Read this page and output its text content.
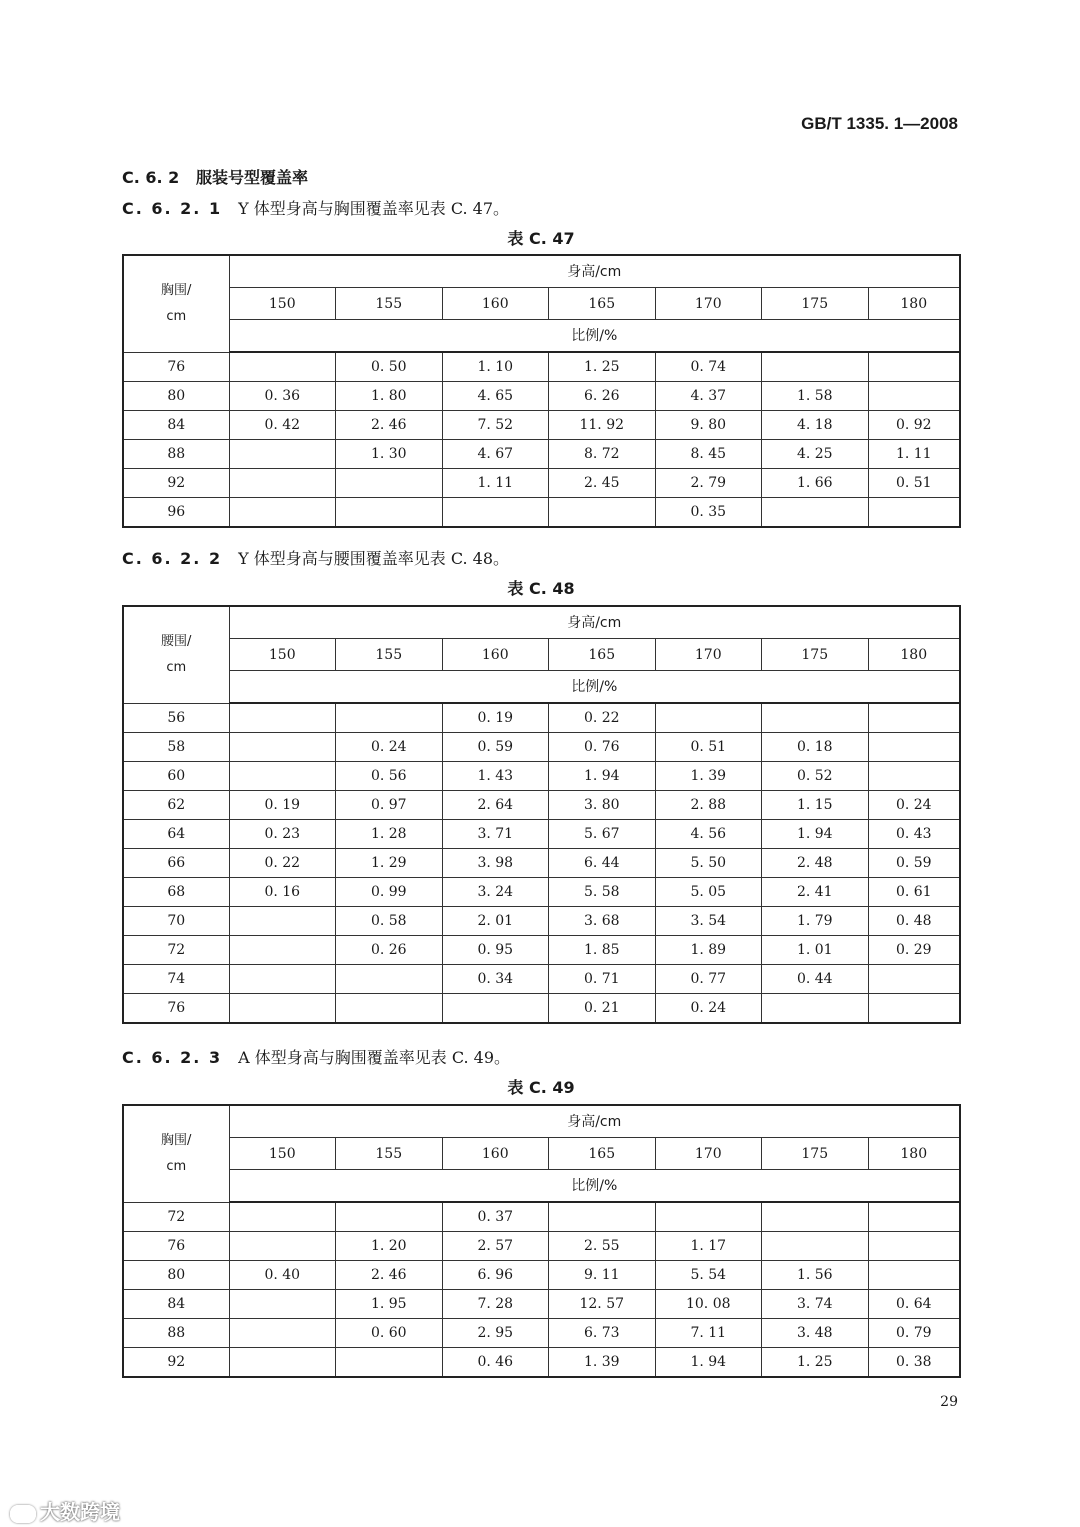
GB/T 1335. 1—2008
C. 6. 2 服装号型覆盖率
C. 6. 2. 1 Y 体型身高与胸围覆盖率见表 C. 47。
表 C. 47
胸围/
cm	身高/cm						
	150	155	160	165	170	175	180
	比例/%						
76		0. 50	1. 10	1. 25	0. 74		
80	0. 36	1. 80	4. 65	6. 26	4. 37	1. 58	
84	0. 42	2. 46	7. 52	11. 92	9. 80	4. 18	0. 92
88		1. 30	4. 67	8. 72	8. 45	4. 25	1. 11
92			1. 11	2. 45	2. 79	1. 66	0. 51
96					0. 35		
C. 6. 2. 2 Y 体型身高与腰围覆盖率见表 C. 48。
表 C. 48
腰围/
cm	身高/cm						
	150	155	160	165	170	175	180
	比例/%						
56			0. 19	0. 22			
58		0. 24	0. 59	0. 76	0. 51	0. 18	
60		0. 56	1. 43	1. 94	1. 39	0. 52	
62	0. 19	0. 97	2. 64	3. 80	2. 88	1. 15	0. 24
64	0. 23	1. 28	3. 71	5. 67	4. 56	1. 94	0. 43
66	0. 22	1. 29	3. 98	6. 44	5. 50	2. 48	0. 59
68	0. 16	0. 99	3. 24	5. 58	5. 05	2. 41	0. 61
70		0. 58	2. 01	3. 68	3. 54	1. 79	0. 48
72		0. 26	0. 95	1. 85	1. 89	1. 01	0. 29
74			0. 34	0. 71	0. 77	0. 44	
76				0. 21	0. 24		
C. 6. 2. 3 A 体型身高与胸围覆盖率见表 C. 49。
表 C. 49
胸围/
cm	身高/cm						
	150	155	160	165	170	175	180
	比例/%						
72			0. 37				
76		1. 20	2. 57	2. 55	1. 17		
80	0. 40	2. 46	6. 96	9. 11	5. 54	1. 56	
84		1. 95	7. 28	12. 57	10. 08	3. 74	0. 64
88		0. 60	2. 95	6. 73	7. 11	3. 48	0. 79
92			0. 46	1. 39	1. 94	1. 25	0. 38
29
大数跨境
